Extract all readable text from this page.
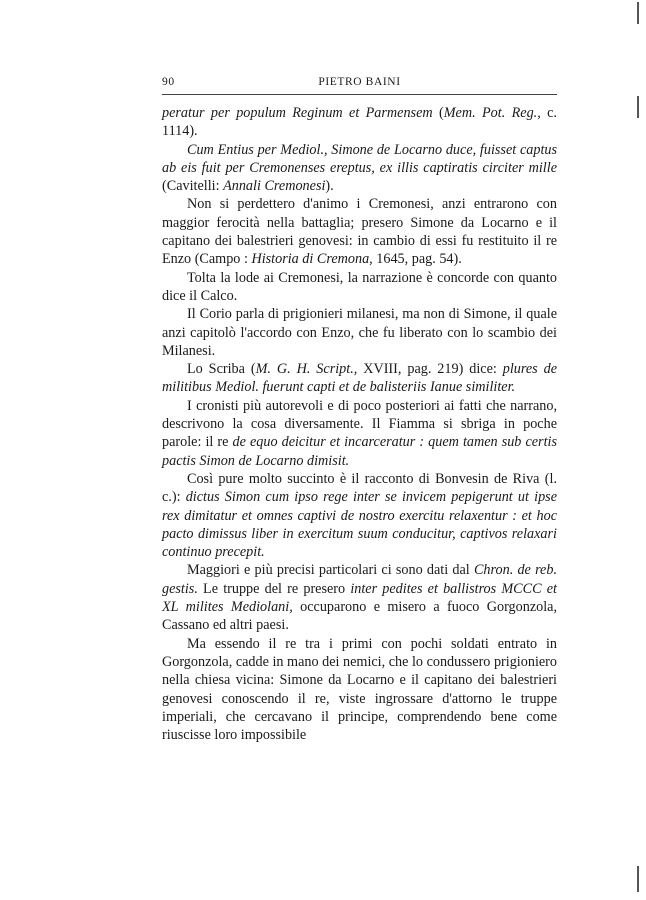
90	PIETRO BAINI

peratur per populum Reginum et Parmensem (Mem. Pot. Reg., c. 1114).

Cum Entius per Mediol., Simone de Locarno duce, fuisset captus ab eis fuit per Cremonenses ereptus, ex illis captiratis circiter mille (Cavitelli: Annali Cremonesi).

Non si perdettero d'animo i Cremonesi, anzi entrarono con maggior ferocità nella battaglia; presero Simone da Locarno e il capitano dei balestrieri genovesi: in cambio di essi fu restituito il re Enzo (Campo : Historia di Cremona, 1645, pag. 54).

Tolta la lode ai Cremonesi, la narrazione è concorde con quanto dice il Calco.

Il Corio parla di prigionieri milanesi, ma non di Simone, il quale anzi capitolò l'accordo con Enzo, che fu liberato con lo scambio dei Milanesi.

Lo Scriba (M. G. H. Script., XVIII, pag. 219) dice: plures de militibus Mediol. fuerunt capti et de balisteriis Ianue similiter.

I cronisti più autorevoli e di poco posteriori ai fatti che narrano, descrivono la cosa diversamente. Il Fiamma si sbriga in poche parole: il re de equo deicitur et incarceratur : quem tamen sub certis pactis Simon de Locarno dimisit.

Così pure molto succinto è il racconto di Bonvesin de Riva (l. c.): dictus Simon cum ipso rege inter se invicem pepigerunt ut ipse rex dimitatur et omnes captivi de nostro exercitu relaxentur : et hoc pacto dimissus liber in exercitum suum conducitur, captivos relaxari continuo precepit.

Maggiori e più precisi particolari ci sono dati dal Chron. de reb. gestis. Le truppe del re presero inter pedites et ballistros MCCC et XL milites Mediolani, occuparono e misero a fuoco Gorgonzola, Cassano ed altri paesi.

Ma essendo il re tra i primi con pochi soldati entrato in Gorgonzola, cadde in mano dei nemici, che lo condussero prigioniero nella chiesa vicina: Simone da Locarno e il capitano dei balestrieri genovesi conoscendo il re, viste ingrossare d'attorno le truppe imperiali, che cercavano il principe, comprendendo bene come riuscisse loro impossibile
